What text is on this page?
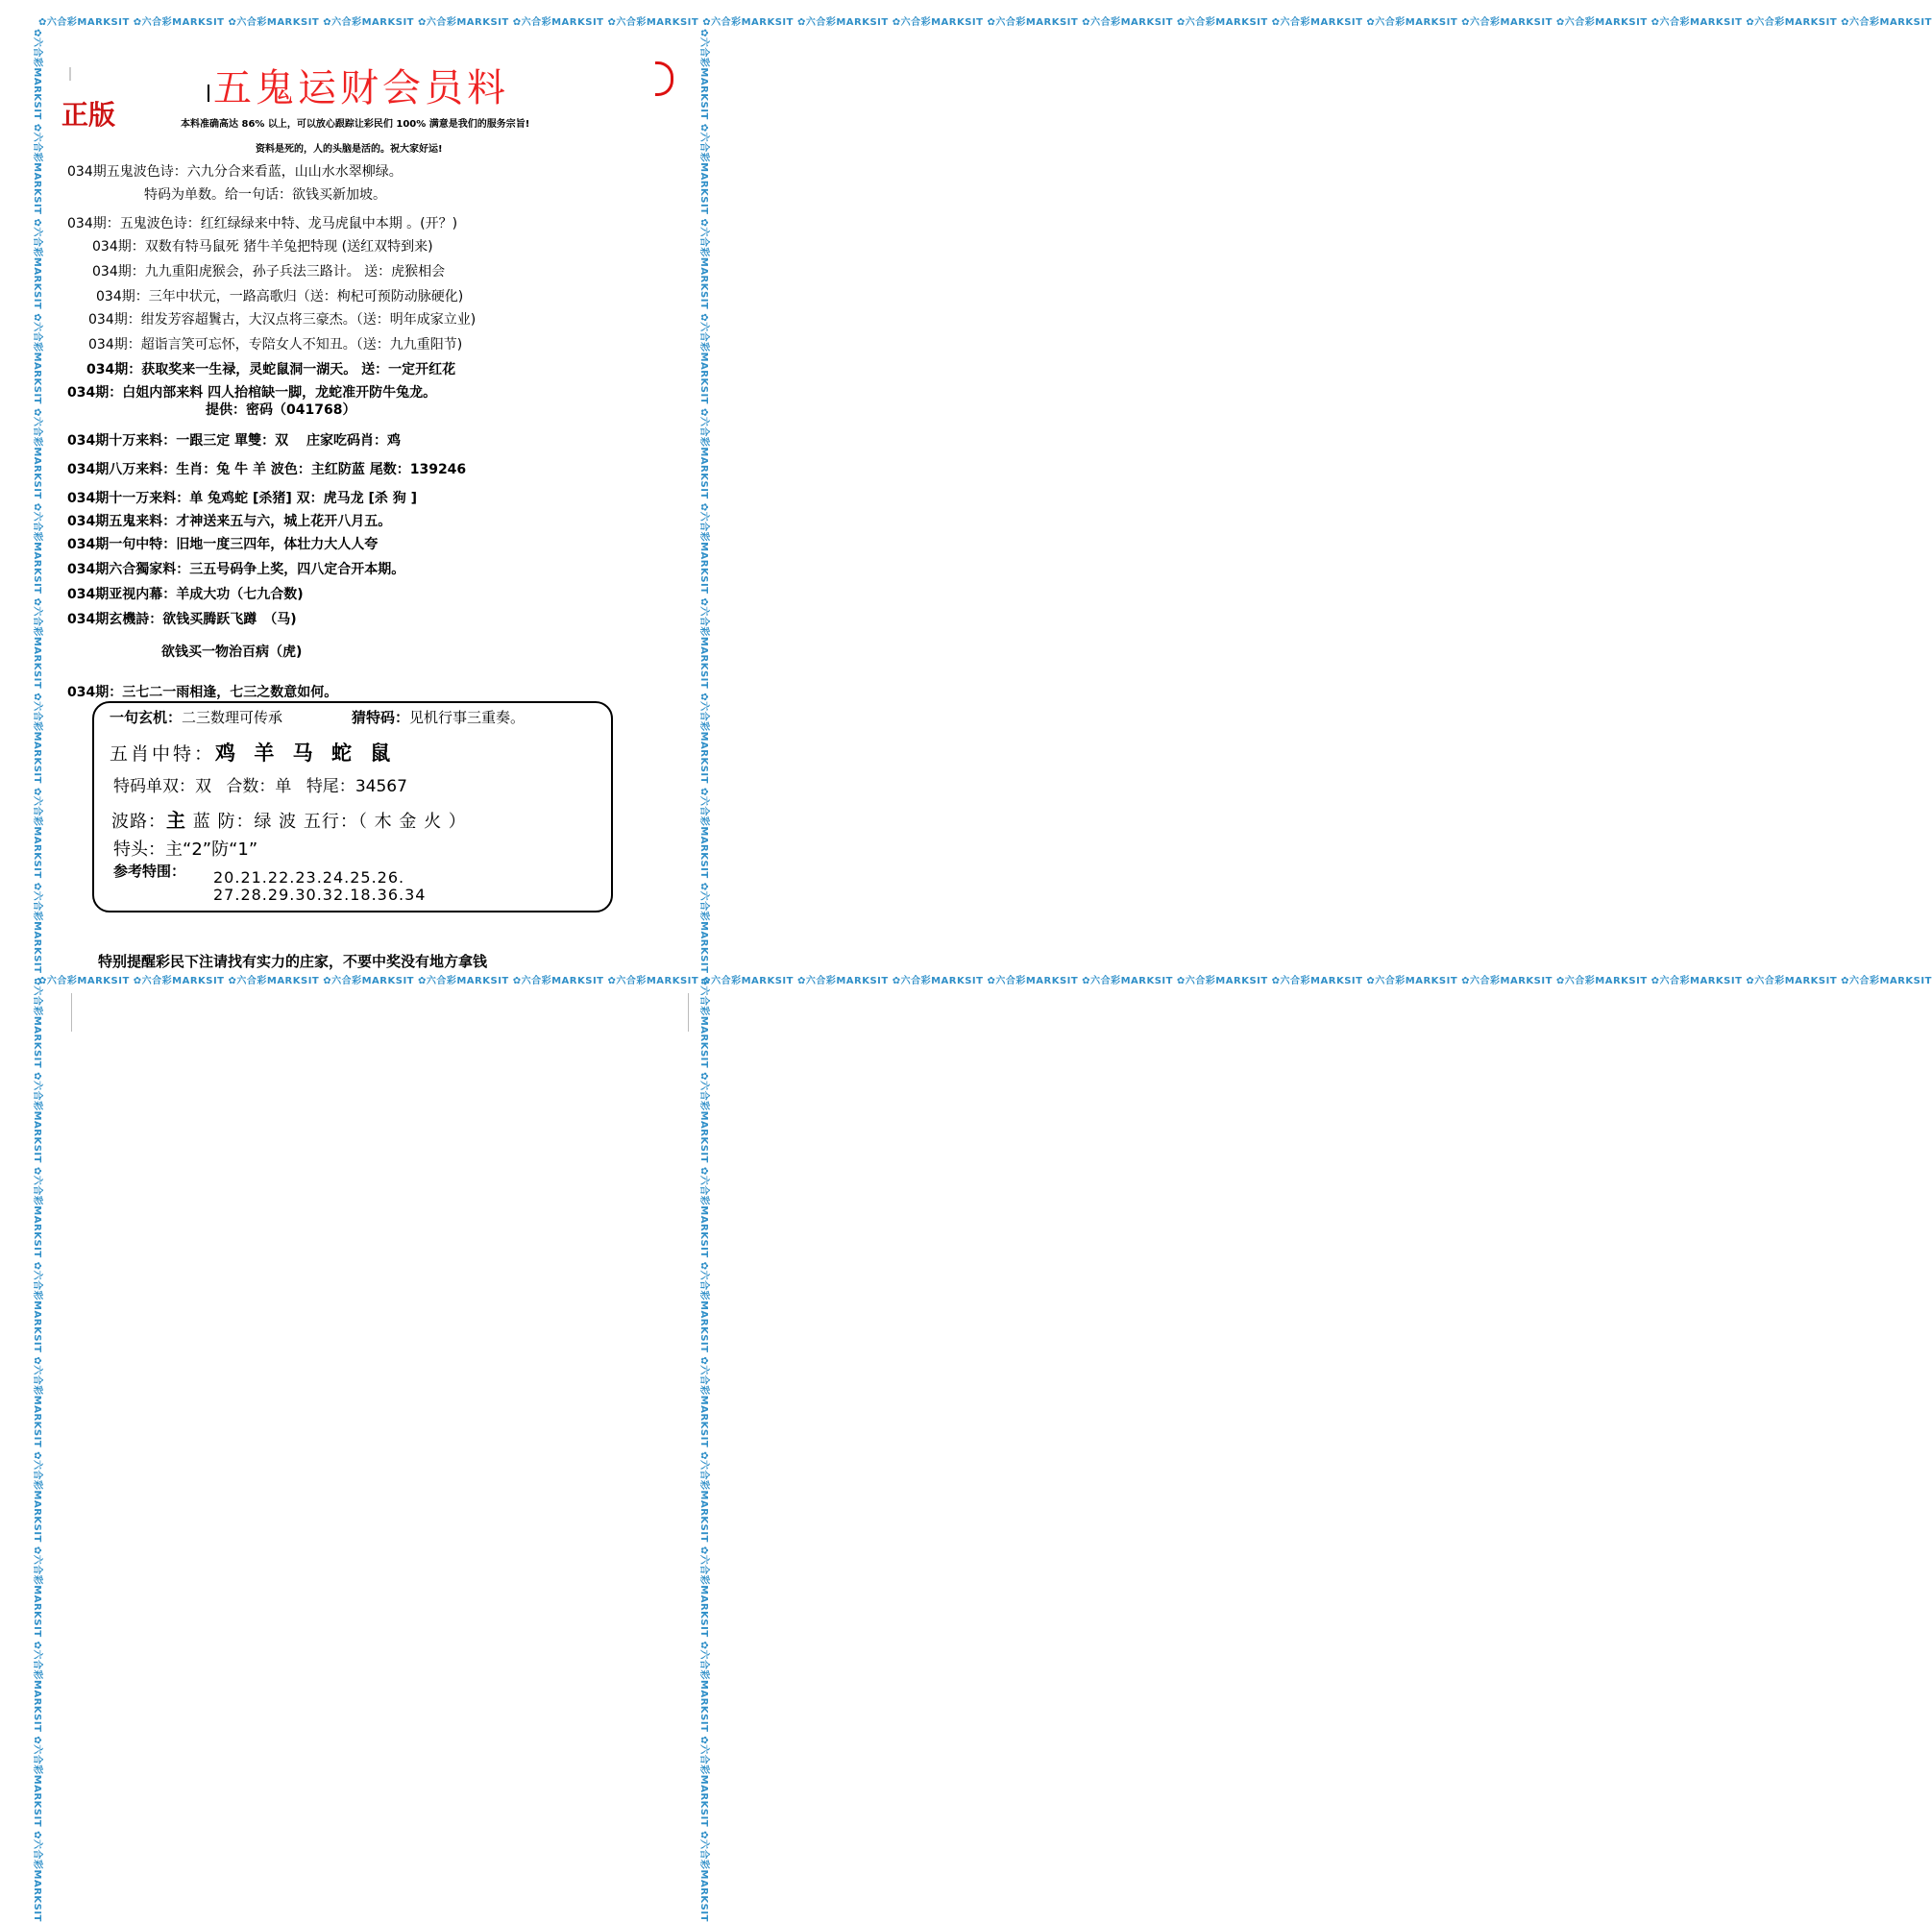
✿六合彩MARKSIT ✿六合彩MARKSIT ✿六合彩MARKSIT ✿六合彩MARKSIT ✿六合彩MARKSIT ✿六合彩MARKSIT ✿六合彩MARKSIT ✿六合彩MARKSIT ✿六合彩MARKSIT ✿六合彩MARKSIT ✿六合彩MARKSIT ✿六合彩MARKSIT ✿六合彩MARKSIT ✿六合彩MARKSIT ✿六合彩MARKSIT ✿六合彩MARKSIT ✿六合彩MARKSIT ✿六合彩MARKSIT ✿六合彩MARKSIT ✿六合彩MARKSIT
✿六合彩MARKSIT ✿六合彩MARKSIT ✿六合彩MARKSIT ✿六合彩MARKSIT ✿六合彩MARKSIT ✿六合彩MARKSIT ✿六合彩MARKSIT ✿六合彩MARKSIT ✿六合彩MARKSIT ✿六合彩MARKSIT ✿六合彩MARKSIT ✿六合彩MARKSIT ✿六合彩MARKSIT ✿六合彩MARKSIT ✿六合彩MARKSIT ✿六合彩MARKSIT ✿六合彩MARKSIT ✿六合彩MARKSIT ✿六合彩MARKSIT ✿六合彩MARKSIT
✿六合彩MARKSIT ✿六合彩MARKSIT ✿六合彩MARKSIT ✿六合彩MARKSIT ✿六合彩MARKSIT ✿六合彩MARKSIT ✿六合彩MARKSIT ✿六合彩MARKSIT ✿六合彩MARKSIT ✿六合彩MARKSIT ✿六合彩MARKSIT ✿六合彩MARKSIT ✿六合彩MARKSIT ✿六合彩MARKSIT ✿六合彩MARKSIT ✿六合彩MARKSIT ✿六合彩MARKSIT ✿六合彩MARKSIT ✿六合彩MARKSIT ✿六合彩MARKSIT	✿六合彩MARKSIT ✿六合彩MARKSIT ✿六合彩MARKSIT ✿六合彩MARKSIT ✿六合彩MARKSIT ✿六合彩MARKSIT ✿六合彩MARKSIT ✿六合彩MARKSIT ✿六合彩MARKSIT ✿六合彩MARKSIT ✿六合彩MARKSIT ✿六合彩MARKSIT ✿六合彩MARKSIT ✿六合彩MARKSIT ✿六合彩MARKSIT ✿六合彩MARKSIT ✿六合彩MARKSIT ✿六合彩MARKSIT ✿六合彩MARKSIT ✿六合彩MARKSIT
五鬼运财会员料
正版	本料准确高达 86% 以上，可以放心跟踪让彩民们 100% 满意是我们的服务宗旨!
资料是死的，人的头脑是活的。祝大家好运!
034期五鬼波色诗：六九分合来看蓝，山山水水翠柳绿。
特码为单数。给一句话：欲钱买新加坡。
034期：五鬼波色诗：红红绿绿来中特、龙马虎鼠中本期 。(开？)
034期：双数有特马鼠死 猪牛羊兔把特现 (送红双特到来)
034期：九九重阳虎猴会，孙子兵法三路计。 送：虎猴相会
034期：三年中状元，一路高歌归（送：枸杞可预防动脉硬化)
034期：绀发芳容超鬒古，大汉点将三豪杰。（送：明年成家立业)
034期：超诣言笑可忘怀，专陪女人不知丑。（送：九九重阳节)
034期：获取奖来一生禄，灵蛇鼠洞一湖天。 送：一定开红花
034期：白姐内部来料 四人抬棺缺一脚，龙蛇准开防牛兔龙。
提供：密码（041768）
034期十万来料：一跟三定 單雙：双　 庄家吃码肖：鸡
034期八万来料：生肖：兔 牛 羊 波色：主红防蓝 尾数：139246
034期十一万来料：单 兔鸡蛇 [杀猪] 双：虎马龙 [杀 狗 ]
034期五鬼来料：才神送来五与六，城上花开八月五。
034期一句中特：旧地一度三四年，体壮力大人人夸
034期六合獨家料：三五号码争上奖，四八定合开本期。
034期亚视内幕：羊成大功（七九合数)
034期玄機詩：欲钱买腾跃飞蹲　（马)
欲钱买一物治百病（虎)
034期：三七二一雨相逢，七三之数意如何。
一句玄机：二三数理可传承	猜特码：见机行事三重奏。
五肖中特：鸡 羊 马 蛇 鼠
特码单双：双 合数：单 特尾：34567
波路：主 蓝 防：绿 波 五行：（ 木 金 火 ）
特头：主“2”防“1”
参考特围： 20.21.22.23.24.25.26.
27.28.29.30.32.18.36.34
特别提醒彩民下注请找有实力的庄家，不要中奖没有地方拿钱
